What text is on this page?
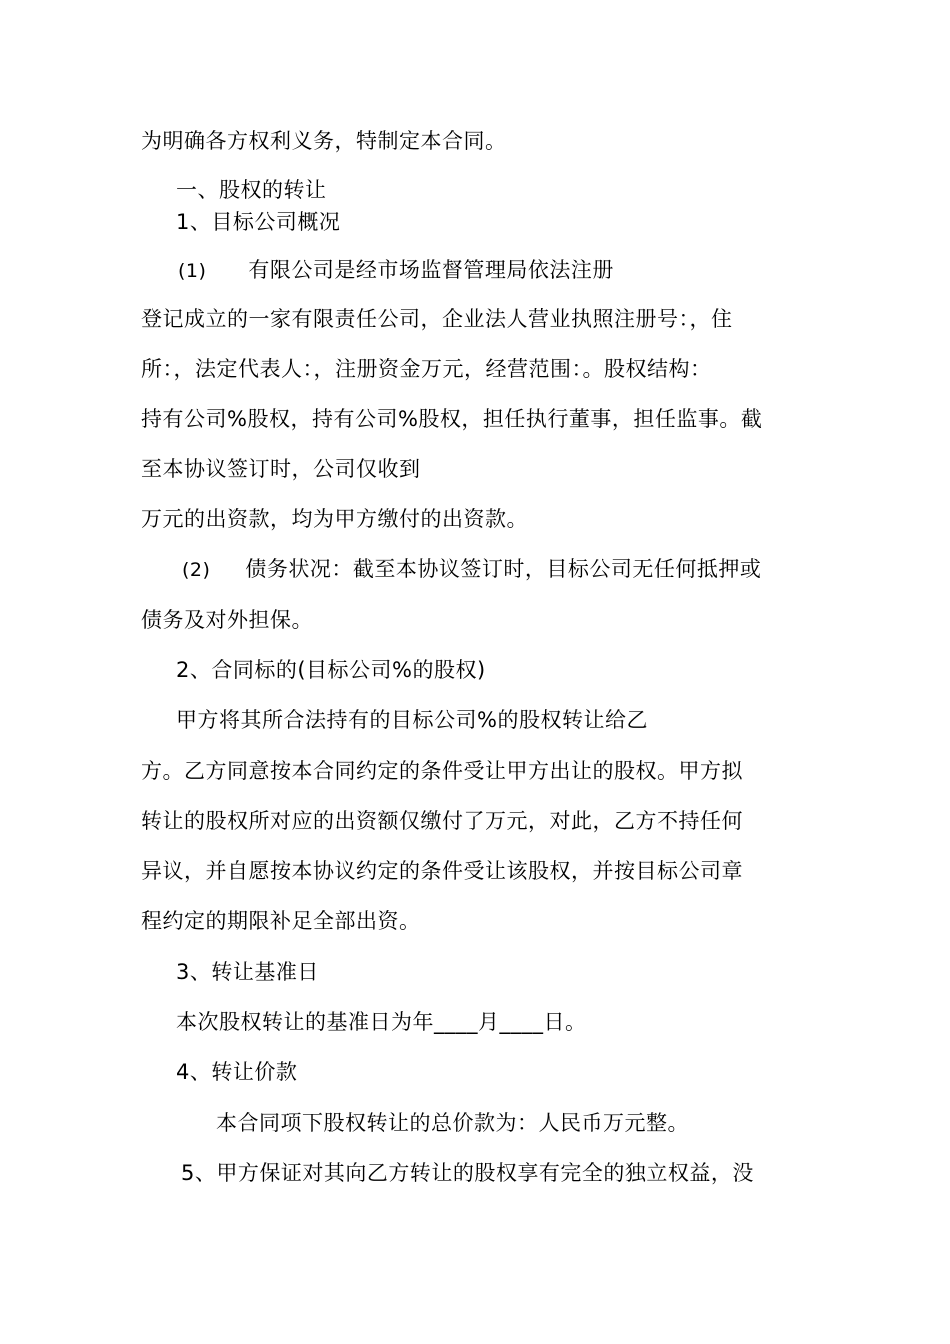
为明确各方权利义务，特制定本合同。
一、股权的转让
1、目标公司概况
(1) 有限公司是经市场监督管理局依法注册
登记成立的一家有限责任公司，企业法人营业执照注册号：，住
所：，法定代表人：，注册资金万元，经营范围：。股权结构：
持有公司%股权，持有公司%股权，担任执行董事，担任监事。截
至本协议签订时，公司仅收到
万元的出资款，均为甲方缴付的出资款。
(2) 债务状况：截至本协议签订时，目标公司无任何抵押或
债务及对外担保。
2、合同标的(目标公司%的股权)
甲方将其所合法持有的目标公司%的股权转让给乙
方。乙方同意按本合同约定的条件受让甲方出让的股权。甲方拟
转让的股权所对应的出资额仅缴付了万元，对此，乙方不持任何
异议，并自愿按本协议约定的条件受让该股权，并按目标公司章
程约定的期限补足全部出资。
3、转让基准日
本次股权转让的基准日为年____月____日。
4、转让价款
本合同项下股权转让的总价款为：人民币万元整。
5、甲方保证对其向乙方转让的股权享有完全的独立权益，没
